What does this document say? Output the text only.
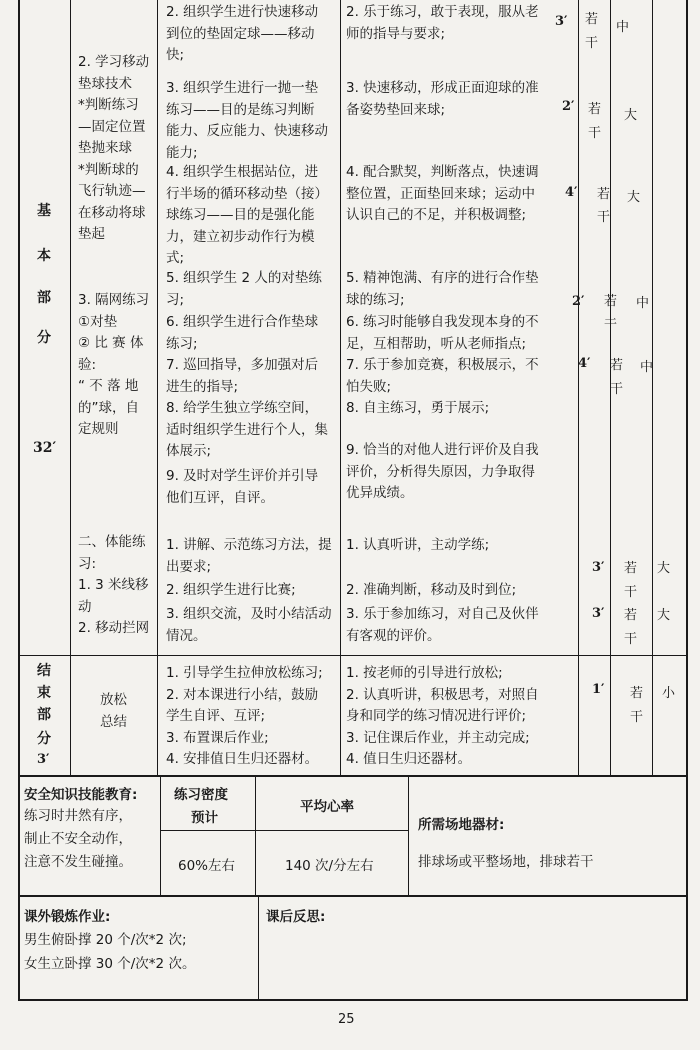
基
本
部
分
32′
2. 学习移动
垫球技术
*判断练习
—固定位置
垫抛来球
*判断球的
飞行轨迹—
在移动将球
垫起
3. 隔网练习
①对垫
② 比 赛 体
验:
“ 不 落 地
的”球，自
定规则
二、体能练
习:
1. 3 米线移
动
2. 移动拦网
2. 组织学生进行快速移动
到位的垫固定球——移动
快;
3. 组织学生进行一抛一垫
练习——目的是练习判断
能力、反应能力、快速移动
能力;
4. 组织学生根据站位，进
行半场的循环移动垫（接）
球练习——目的是强化能
力，建立初步动作行为模
式;
5. 组织学生 2 人的对垫练
习;
6. 组织学生进行合作垫球
练习;
7. 巡回指导，多加强对后
进生的指导;
8. 给学生独立学练空间，
适时组织学生进行个人，集
体展示;
9. 及时对学生评价并引导
他们互评，自评。
1. 讲解、示范练习方法，提
出要求;
2. 组织学生进行比赛;
3. 组织交流，及时小结活动
情况。
2. 乐于练习，敢于表现，服从老
师的指导与要求;
3. 快速移动，形成正面迎球的准
备姿势垫回来球;
4. 配合默契，判断落点，快速调
整位置，正面垫回来球；运动中
认识自己的不足，并积极调整;
5. 精神饱满、有序的进行合作垫
球的练习;
6. 练习时能够自我发现本身的不
足，互相帮助，听从老师指点;
7. 乐于参加竞赛，积极展示，不
怕失败;
8. 自主练习，勇于展示;
9. 恰当的对他人进行评价及自我
评价，分析得失原因，力争取得
优异成绩。
1. 认真听讲，主动学练;
2. 准确判断，移动及时到位;
3. 乐于参加练习，对自己及伙伴
有客观的评价。
3′
2′
4′
2′
4′
3′
3′
若
干
若
干
若
干
若
干
若
干
若
干
若
干
中
大
大
中
中
大
大
结
束
部
分
3′
放松
总结
1. 引导学生拉伸放松练习;
2. 对本课进行小结，鼓励
学生自评、互评;
3. 布置课后作业;
4. 安排值日生归还器材。
1. 按老师的引导进行放松;
2. 认真听讲，积极思考，对照自
身和同学的练习情况进行评价;
3. 记住课后作业，并主动完成;
4. 值日生归还器材。
1′ 若
干
小
安全知识技能教育:
练习时井然有序，
制止不安全动作，
注意不发生碰撞。
练习密度
预计
60%左右
平均心率
140 次/分左右
所需场地器材:
排球场或平整场地，排球若干
课外锻炼作业:
男生俯卧撑 20 个/次*2 次;
女生立卧撑 30 个/次*2 次。
课后反思:
25
